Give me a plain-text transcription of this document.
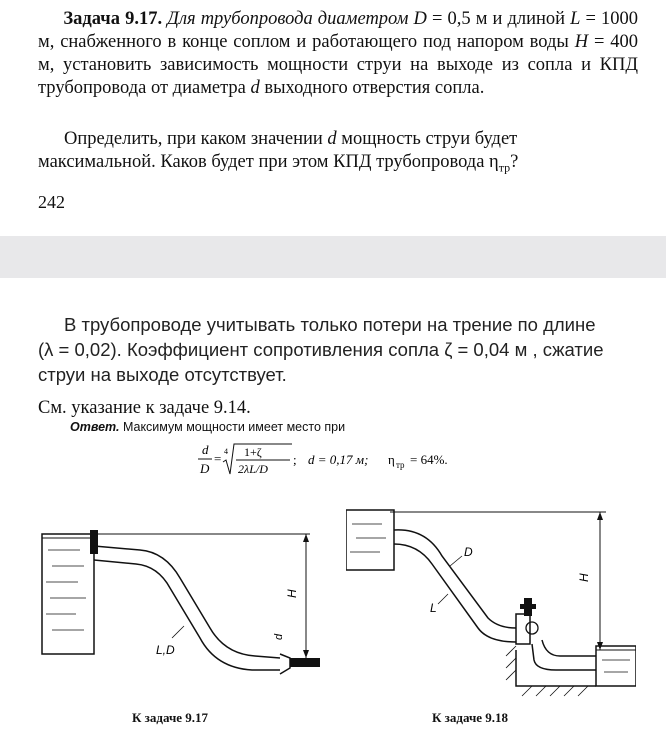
Задача 9.17. Для трубопровода диаметром D = 0,5 м и длиной L = 1000 м, снабженного в конце соплом и работающего под напором воды H = 400 м, установить зависимость мощности струи на выходе из сопла и КПД трубопровода от диаметра d выходного отверстия сопла.
Определить, при каком значении d мощность струи будет максимальной. Каков будет при этом КПД трубопровода $\eta_{тр}$?
242
В трубопроводе учитывать только потери на трение по длине
(λ = 0,02). Коэффициент сопротивления сопла ζ = 0,04 м , сжатие
струи на выходе отсутствует.
См. указание к задаче 9.14.
Ответ. Максимум мощности имеет место при
d
D
= 4 1+ζ
2λL/D
; d = 0,17 м; η тр = 64%.
H
d
L,D
К задаче 9.17
H
D
L
К задаче 9.18
